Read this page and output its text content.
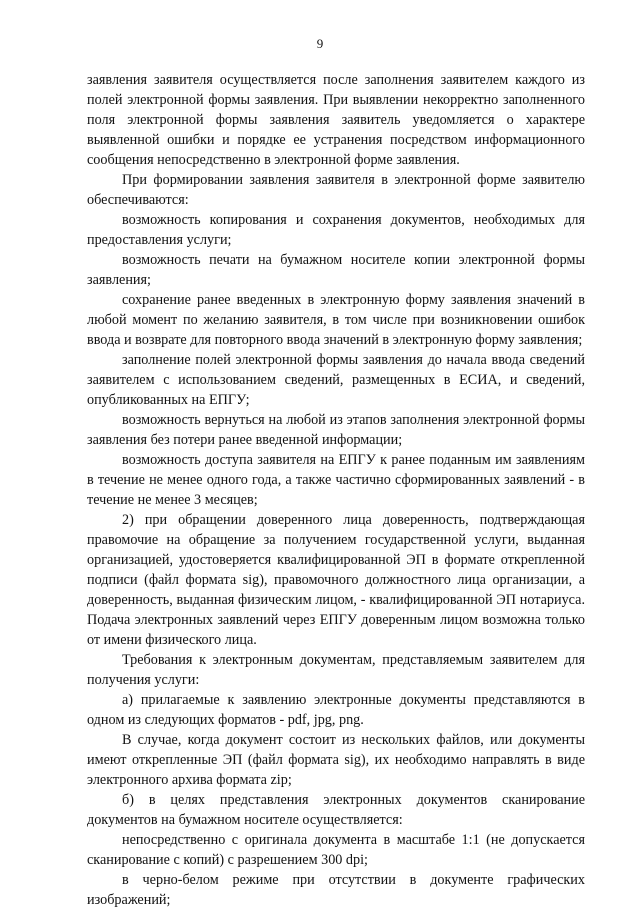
9

заявления заявителя осуществляется после заполнения заявителем каждого из полей электронной формы заявления. При выявлении некорректно заполненного поля электронной формы заявления заявитель уведомляется о характере выявленной ошибки и порядке ее устранения посредством информационного сообщения непосредственно в электронной форме заявления.

При формировании заявления заявителя в электронной форме заявителю обеспечиваются:

возможность копирования и сохранения документов, необходимых для предоставления услуги;

возможность печати на бумажном носителе копии электронной формы заявления;

сохранение ранее введенных в электронную форму заявления значений в любой момент по желанию заявителя, в том числе при возникновении ошибок ввода и возврате для повторного ввода значений в электронную форму заявления;

заполнение полей электронной формы заявления до начала ввода сведений заявителем с использованием сведений, размещенных в ЕСИА, и сведений, опубликованных на ЕПГУ;

возможность вернуться на любой из этапов заполнения электронной формы заявления без потери ранее введенной информации;

возможность доступа заявителя на ЕПГУ к ранее поданным им заявлениям в течение не менее одного года, а также частично сформированных заявлений - в течение не менее 3 месяцев;

2) при обращении доверенного лица доверенность, подтверждающая правомочие на обращение за получением государственной услуги, выданная организацией, удостоверяется квалифицированной ЭП в формате открепленной подписи (файл формата sig), правомочного должностного лица организации, а доверенность, выданная физическим лицом, - квалифицированной ЭП нотариуса. Подача электронных заявлений через ЕПГУ доверенным лицом возможна только от имени физического лица.

Требования к электронным документам, представляемым заявителем для получения услуги:

а) прилагаемые к заявлению электронные документы представляются в одном из следующих форматов - pdf, jpg, png.

В случае, когда документ состоит из нескольких файлов, или документы имеют открепленные ЭП (файл формата sig), их необходимо направлять в виде электронного архива формата zip;

б) в целях представления электронных документов сканирование документов на бумажном носителе осуществляется:

непосредственно с оригинала документа в масштабе 1:1 (не допускается сканирование с копий) с разрешением 300 dpi;

в черно-белом режиме при отсутствии в документе графических изображений;
